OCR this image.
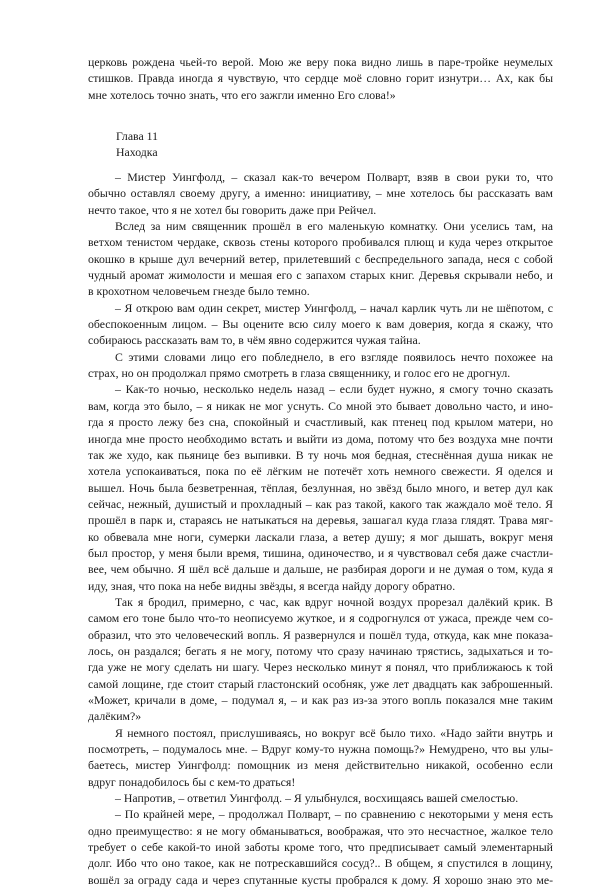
церковь рождена чьей-то верой. Мою же веру пока видно лишь в паре-тройке неумелых
стишков. Правда иногда я чувствую, что сердце моё словно горит изнутри… Ах, как бы
мне хотелось точно знать, что его зажгли именно Его слова!»
Глава 11
Находка
– Мистер Уингфолд, – сказал как-то вечером Полварт, взяв в свои руки то, что
обычно оставлял своему другу, а именно: инициативу, – мне хотелось бы рассказать вам
нечто такое, что я не хотел бы говорить даже при Рейчел.
Вслед за ним священник прошёл в его маленькую комнатку. Они уселись там, на
ветхом тенистом чердаке, сквозь стены которого пробивался плющ и куда через открытое
окошко в крыше дул вечерний ветер, прилетевший с беспредельного запада, неся с собой
чудный аромат жимолости и мешая его с запахом старых книг. Деревья скрывали небо, и
в крохотном человечьем гнезде было темно.
– Я открою вам один секрет, мистер Уингфолд, – начал карлик чуть ли не шёпотом, с
обеспокоенным лицом. – Вы оцените всю силу моего к вам доверия, когда я скажу, что
собираюсь рассказать вам то, в чём явно содержится чужая тайна.
С этими словами лицо его побледнело, в его взгляде появилось нечто похожее на
страх, но он продолжал прямо смотреть в глаза священнику, и голос его не дрогнул.
– Как-то ночью, несколько недель назад – если будет нужно, я смогу точно сказать
вам, когда это было, – я никак не мог уснуть. Со мной это бывает довольно часто, и ино-
гда я просто лежу без сна, спокойный и счастливый, как птенец под крылом матери, но
иногда мне просто необходимо встать и выйти из дома, потому что без воздуха мне почти
так же худо, как пьянице без выпивки. В ту ночь моя бедная, стеснённая душа никак не
хотела успокаиваться, пока по её лёгким не потечёт хоть немного свежести. Я оделся и
вышел. Ночь была безветренная, тёплая, безлунная, но звёзд было много, и ветер дул как
сейчас, нежный, душистый и прохладный – как раз такой, какого так жаждало моё тело. Я
прошёл в парк и, стараясь не натыкаться на деревья, зашагал куда глаза глядят. Трава мяг-
ко обвевала мне ноги, сумерки ласкали глаза, а ветер душу; я мог дышать, вокруг меня
был простор, у меня были время, тишина, одиночество, и я чувствовал себя даже счастли-
вее, чем обычно. Я шёл всё дальше и дальше, не разбирая дороги и не думая о том, куда я
иду, зная, что пока на небе видны звёзды, я всегда найду дорогу обратно.
Так я бродил, примерно, с час, как вдруг ночной воздух прорезал далёкий крик. В
самом его тоне было что-то неописуемо жуткое, и я содрогнулся от ужаса, прежде чем со-
образил, что это человеческий вопль. Я развернулся и пошёл туда, откуда, как мне показа-
лось, он раздался; бегать я не могу, потому что сразу начинаю трястись, задыхаться и то-
гда уже не могу сделать ни шагу. Через несколько минут я понял, что приближаюсь к той
самой лощине, где стоит старый гластонский особняк, уже лет двадцать как заброшенный.
«Может, кричали в доме, – подумал я, – и как раз из-за этого вопль показался мне таким
далёким?»
Я немного постоял, прислушиваясь, но вокруг всё было тихо. «Надо зайти внутрь и
посмотреть, – подумалось мне. – Вдруг кому-то нужна помощь?» Немудрено, что вы улы-
баетесь, мистер Уингфолд: помощник из меня действительно никакой, особенно если
вдруг понадобилось бы с кем-то драться!
– Напротив, – ответил Уингфолд. – Я улыбнулся, восхищаясь вашей смелостью.
– По крайней мере, – продолжал Полварт, – по сравнению с некоторыми у меня есть
одно преимущество: я не могу обманываться, воображая, что это несчастное, жалкое тело
требует о себе какой-то иной заботы кроме того, что предписывает самый элементарный
долг. Ибо что оно такое, как не потрескавшийся сосуд?.. В общем, я спустился в лощину,
вошёл за ограду сада и через спутанные кусты пробрался к дому. Я хорошо знаю это ме-
